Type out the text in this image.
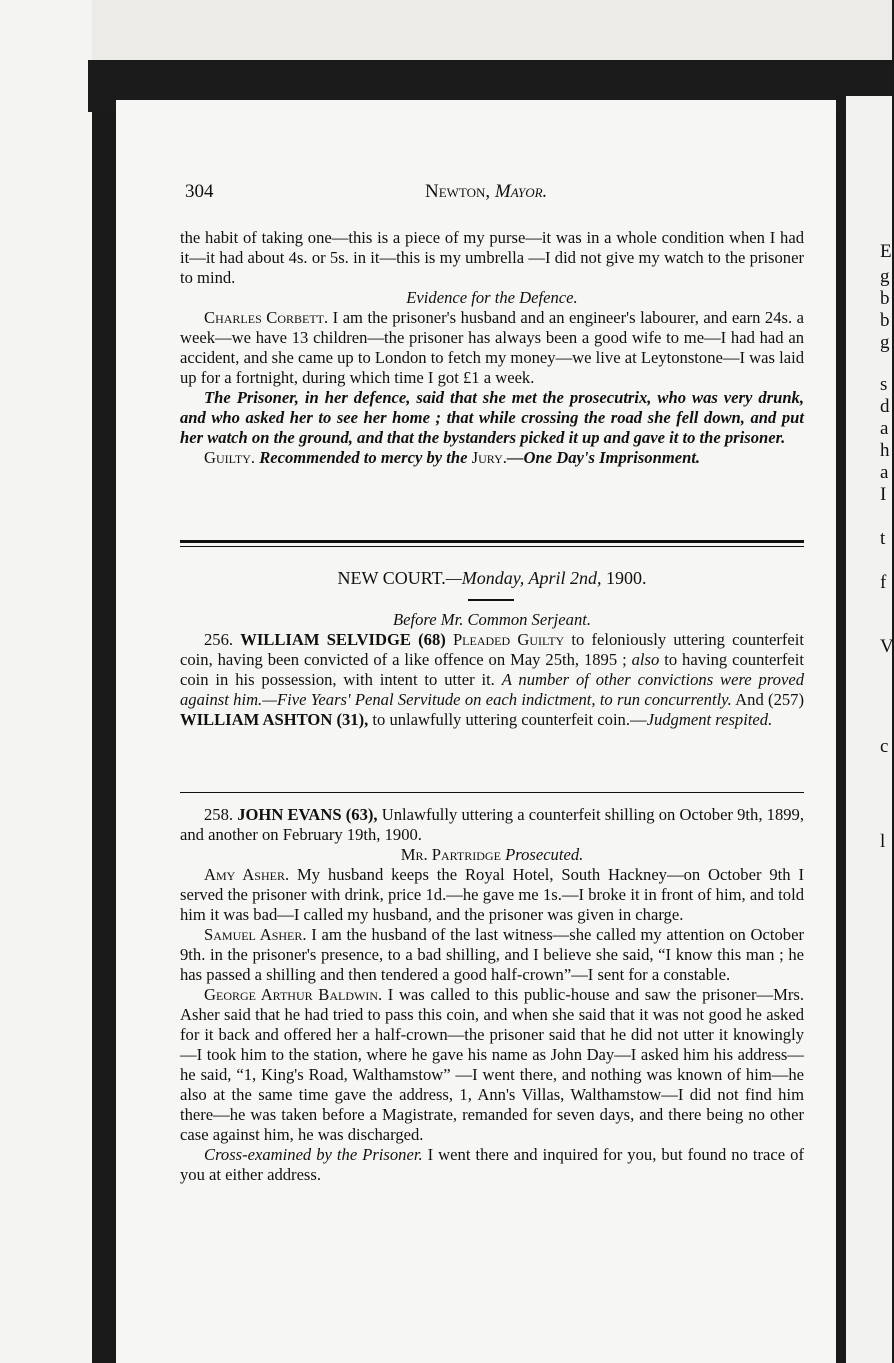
E
g
b
b
g
s
d
a
h
a
I
t
f
V
l
c
304	Newton, Mayor.

the habit of taking one—this is a piece of my purse—it was in a whole condition when I had it—it had about 4s. or 5s. in it—this is my umbrella —I did not give my watch to the prisoner to mind.

Evidence for the Defence.

Charles Corbett. I am the prisoner's husband and an engineer's labourer, and earn 24s. a week—we have 13 children—the prisoner has always been a good wife to me—I had had an accident, and she came up to London to fetch my money—we live at Leytonstone—I was laid up for a fortnight, during which time I got £1 a week.

The Prisoner, in her defence, said that she met the prosecutrix, who was very drunk, and who asked her to see her home ; that while crossing the road she fell down, and put her watch on the ground, and that the bystanders picked it up and gave it to the prisoner.

Guilty. Recommended to mercy by the Jury.—One Day's Imprisonment.

NEW COURT.—Monday, April 2nd, 1900.

Before Mr. Common Serjeant.

256. WILLIAM SELVIDGE (68) Pleaded Guilty to feloniously uttering counterfeit coin, having been convicted of a like offence on May 25th, 1895 ; also to having counterfeit coin in his possession, with intent to utter it. A number of other convictions were proved against him.—Five Years' Penal Servitude on each indictment, to run concurrently. And (257) WILLIAM ASHTON (31), to unlawfully uttering counterfeit coin.—Judgment respited.

258. JOHN EVANS (63), Unlawfully uttering a counterfeit shilling on October 9th, 1899, and another on February 19th, 1900.

Mr. Partridge Prosecuted.

Amy Asher. My husband keeps the Royal Hotel, South Hackney—on October 9th I served the prisoner with drink, price 1d.—he gave me 1s.—I broke it in front of him, and told him it was bad—I called my husband, and the prisoner was given in charge.

Samuel Asher. I am the husband of the last witness—she called my attention on October 9th. in the prisoner's presence, to a bad shilling, and I believe she said, “I know this man ; he has passed a shilling and then tendered a good half-crown”—I sent for a constable.

George Arthur Baldwin. I was called to this public-house and saw the prisoner—Mrs. Asher said that he had tried to pass this coin, and when she said that it was not good he asked for it back and offered her a half-crown—the prisoner said that he did not utter it knowingly—I took him to the station, where he gave his name as John Day—I asked him his address—he said, “1, King's Road, Walthamstow” —I went there, and nothing was known of him—he also at the same time gave the address, 1, Ann's Villas, Walthamstow—I did not find him there—he was taken before a Magistrate, remanded for seven days, and there being no other case against him, he was discharged.

Cross-examined by the Prisoner. I went there and inquired for you, but found no trace of you at either address.
